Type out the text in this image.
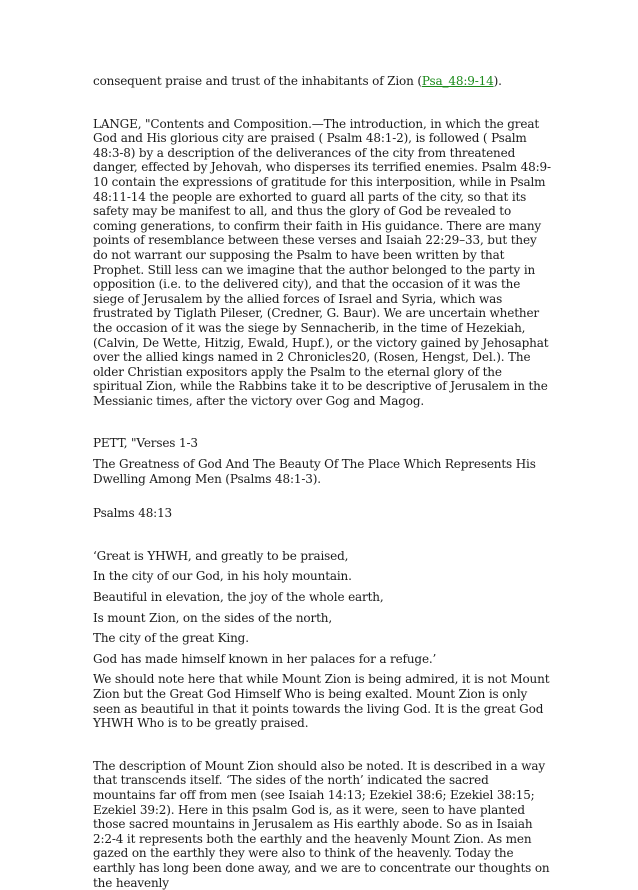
consequent praise and trust of the inhabitants of Zion (Psa_48:9-14).

LANGE, "Contents and Composition.—The introduction, in which the great God and His glorious city are praised ( Psalm 48:1-2), is followed ( Psalm 48:3-8) by a description of the deliverances of the city from threatened danger, effected by Jehovah, who disperses its terrified enemies. Psalm 48:9-10 contain the expressions of gratitude for this interposition, while in Psalm 48:11-14 the people are exhorted to guard all parts of the city, so that its safety may be manifest to all, and thus the glory of God be revealed to coming generations, to confirm their faith in His guidance. There are many points of resemblance between these verses and Isaiah 22:29–33, but they do not warrant our supposing the Psalm to have been written by that Prophet. Still less can we imagine that the author belonged to the party in opposition (i.e. to the delivered city), and that the occasion of it was the siege of Jerusalem by the allied forces of Israel and Syria, which was frustrated by Tiglath Pileser, (Credner, G. Baur). We are uncertain whether the occasion of it was the siege by Sennacherib, in the time of Hezekiah, (Calvin, De Wette, Hitzig, Ewald, Hupf.), or the victory gained by Jehosaphat over the allied kings named in 2 Chronicles20, (Rosen, Hengst, Del.). The older Christian expositors apply the Psalm to the eternal glory of the spiritual Zion, while the Rabbins take it to be descriptive of Jerusalem in the Messianic times, after the victory over Gog and Magog.

PETT, "Verses 1-3

The Greatness of God And The Beauty Of The Place Which Represents His Dwelling Among Men (Psalms 48:1-3).

Psalms 48:13

‘Great is YHWH, and greatly to be praised,

In the city of our God, in his holy mountain.

Beautiful in elevation, the joy of the whole earth,

Is mount Zion, on the sides of the north,

The city of the great King.

God has made himself known in her palaces for a refuge.’

We should note here that while Mount Zion is being admired, it is not Mount Zion but the Great God Himself Who is being exalted. Mount Zion is only seen as beautiful in that it points towards the living God. It is the great God YHWH Who is to be greatly praised.

The description of Mount Zion should also be noted. It is described in a way that transcends itself. ‘The sides of the north’ indicated the sacred mountains far off from men (see Isaiah 14:13; Ezekiel 38:6; Ezekiel 38:15; Ezekiel 39:2). Here in this psalm God is, as it were, seen to have planted those sacred mountains in Jerusalem as His earthly abode. So as in Isaiah 2:2-4 it represents both the earthly and the heavenly Mount Zion. As men gazed on the earthly they were also to think of the heavenly. Today the earthly has long been done away, and we are to concentrate our thoughts on the heavenly
